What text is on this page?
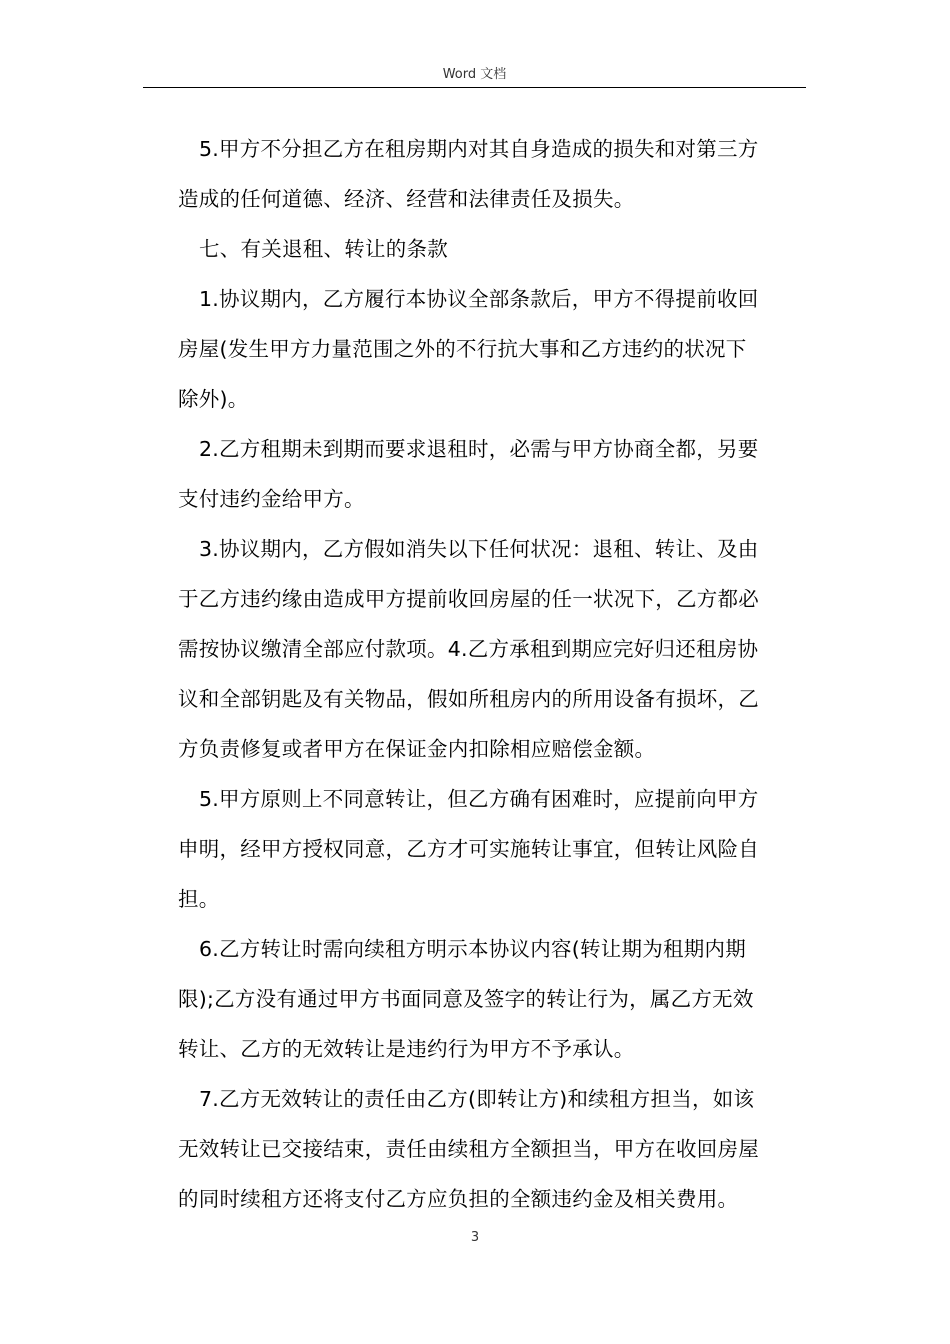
Word 文档

5.甲方不分担乙方在租房期内对其自身造成的损失和对第三方
造成的任何道德、经济、经营和法律责任及损失。

七、有关退租、转让的条款

1.协议期内，乙方履行本协议全部条款后，甲方不得提前收回
房屋(发生甲方力量范围之外的不行抗大事和乙方违约的状况下
除外)。

2.乙方租期未到期而要求退租时，必需与甲方协商全都，另要
支付违约金给甲方。

3.协议期内，乙方假如消失以下任何状况：退租、转让、及由
于乙方违约缘由造成甲方提前收回房屋的任一状况下，乙方都必
需按协议缴清全部应付款项。4.乙方承租到期应完好归还租房协
议和全部钥匙及有关物品，假如所租房内的所用设备有损坏，乙
方负责修复或者甲方在保证金内扣除相应赔偿金额。

5.甲方原则上不同意转让，但乙方确有困难时，应提前向甲方
申明，经甲方授权同意，乙方才可实施转让事宜，但转让风险自
担。

6.乙方转让时需向续租方明示本协议内容(转让期为租期内期
限);乙方没有通过甲方书面同意及签字的转让行为，属乙方无效
转让、乙方的无效转让是违约行为甲方不予承认。

7.乙方无效转让的责任由乙方(即转让方)和续租方担当，如该
无效转让已交接结束，责任由续租方全额担当，甲方在收回房屋
的同时续租方还将支付乙方应负担的全额违约金及相关费用。

3
